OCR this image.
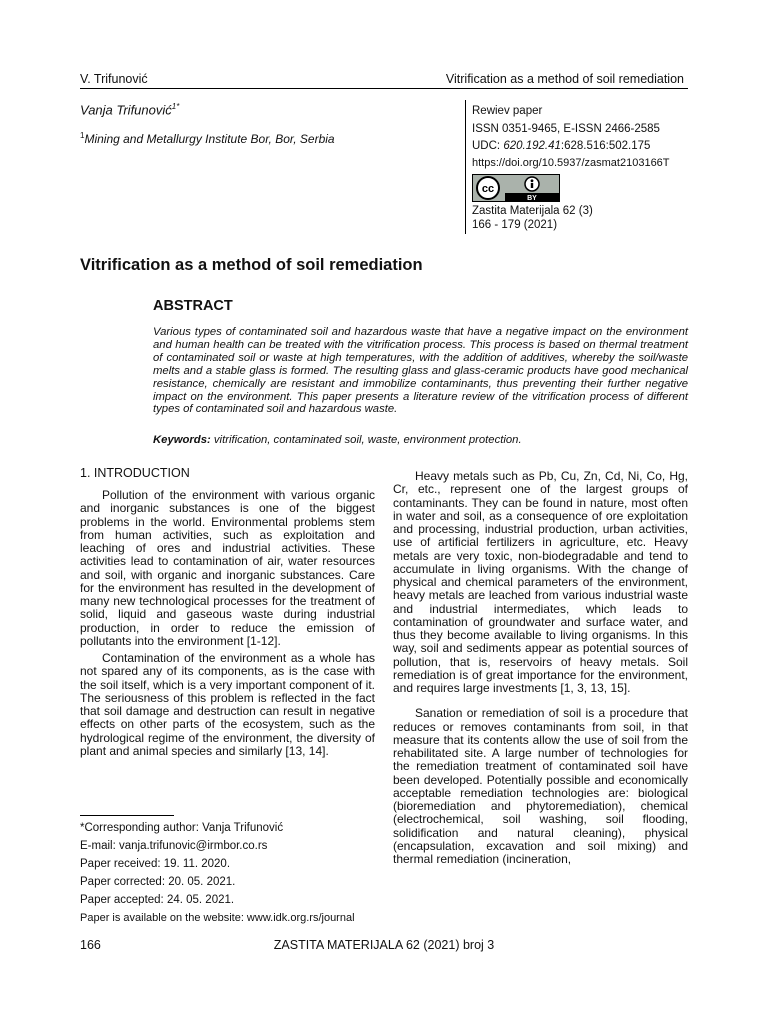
V. Trifunović	Vitrification as a method of soil remediation
Vanja Trifunović$^{1*}$
$^1$Mining and Metallurgy Institute Bor, Bor, Serbia
Rewiev paper
ISSN 0351-9465, E-ISSN 2466-2585
UDC: 620.192.41:628.516:502.175
https://doi.org/10.5937/zasmat2103166T
BY
cc
Zastita Materijala 62 (3)
166 - 179 (2021)
Vitrification as a method of soil remediation
ABSTRACT
Various types of contaminated soil and hazardous waste that have a negative impact on the environment and human health can be treated with the vitrification process. This process is based on thermal treatment of contaminated soil or waste at high temperatures, with the addition of additives, whereby the soil/waste melts and a stable glass is formed. The resulting glass and glass-ceramic products have good mechanical resistance, chemically are resistant and immobilize contaminants, thus preventing their further negative impact on the environment. This paper presents a literature review of the vitrification process of different types of contaminated soil and hazardous waste.
Keywords: vitrification, contaminated soil, waste, environment protection.
1. INTRODUCTION

Pollution of the environment with various organic and inorganic substances is one of the biggest problems in the world. Environmental problems stem from human activities, such as exploitation and leaching of ores and industrial activities. These activities lead to contamination of air, water resources and soil, with organic and inorganic substances. Care for the environment has resulted in the development of many new technological processes for the treatment of solid, liquid and gaseous waste during industrial production, in order to reduce the emission of pollutants into the environment [1-12].

Contamination of the environment as a whole has not spared any of its components, as is the case with the soil itself, which is a very important component of it. The seriousness of this problem is reflected in the fact that soil damage and destruction can result in negative effects on other parts of the ecosystem, such as the hydrological regime of the environment, the diversity of plant and animal species and similarly [13, 14].

Heavy metals such as Pb, Cu, Zn, Cd, Ni, Co, Hg, Cr, etc., represent one of the largest groups of contaminants. They can be found in nature, most often in water and soil, as a consequence of ore exploitation and processing, industrial production, urban activities, use of artificial fertilizers in agriculture, etc. Heavy metals are very toxic, non-biodegradable and tend to accumulate in living organisms. With the change of physical and chemical parameters of the environment, heavy metals are leached from various industrial waste and industrial intermediates, which leads to contamination of groundwater and surface water, and thus they become available to living organisms. In this way, soil and sediments appear as potential sources of pollution, that is, reservoirs of heavy metals. Soil remediation is of great importance for the environment, and requires large investments [1, 3, 13, 15].

Sanation or remediation of soil is a procedure that reduces or removes contaminants from soil, in that measure that its contents allow the use of soil from the rehabilitated site. A large number of technologies for the remediation treatment of contaminated soil have been developed. Potentially possible and economically acceptable remediation technologies are: biological (bioremediation and phytoremediation), chemical (electrochemical, soil washing, soil flooding, solidification and natural cleaning), physical (encapsulation, excavation and soil mixing) and thermal remediation (incineration,

*Corresponding author: Vanja Trifunović
E-mail: vanja.trifunovic@irmbor.co.rs
Paper received: 19. 11. 2020.
Paper corrected: 20. 05. 2021.
Paper accepted: 24. 05. 2021.
Paper is available on the website: www.idk.org.rs/journal
166	ZASTITA MATERIJALA 62 (2021) broj 3
